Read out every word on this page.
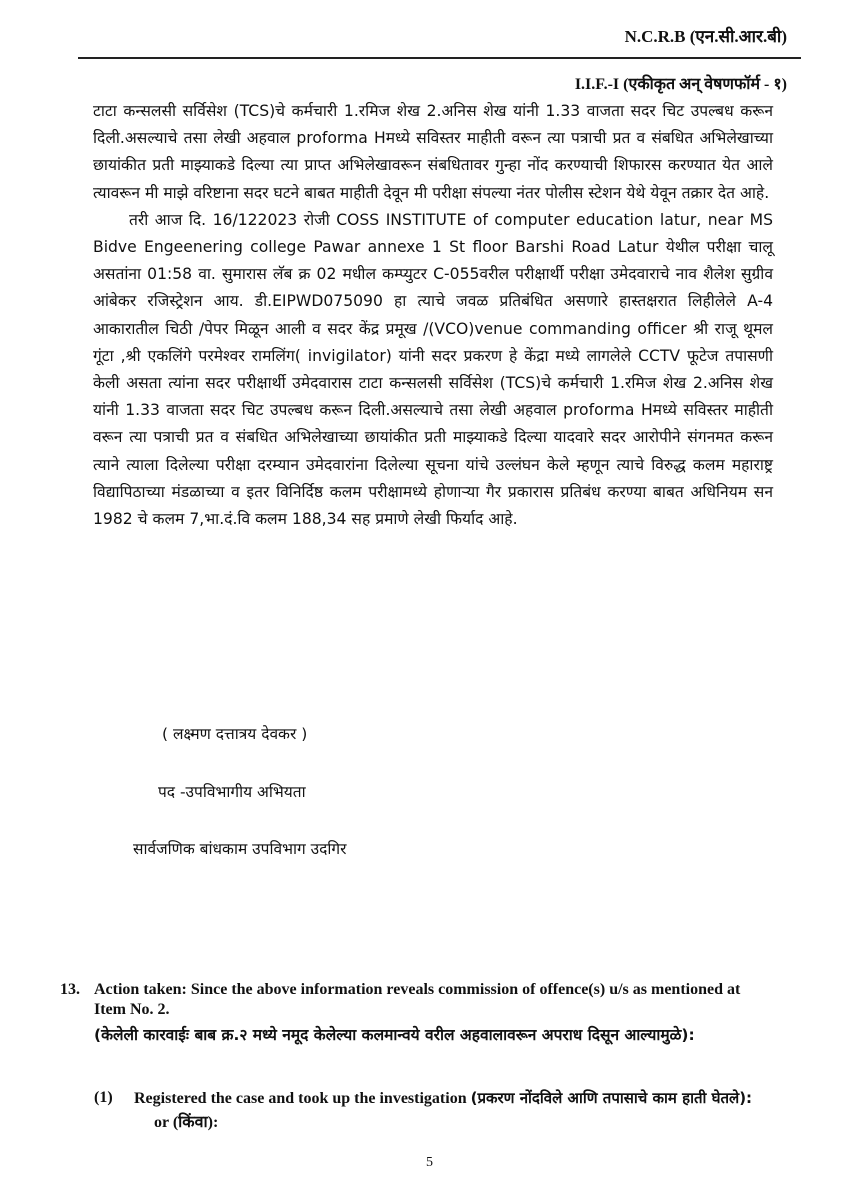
N.C.R.B (एन.सी.आर.बी)
I.I.F.-I (एकीकृत अन् वेषणफॉर्म - १)

टाटा कन्सलसी सर्विसेश (TCS)चे कर्मचारी 1.रमिज शेख 2.अनिस शेख यांनी 1.33 वाजता सदर चिट उपल्बध करून दिली.असल्याचे तसा लेखी अहवाल proforma Hमध्ये सविस्तर माहीती वरून त्या पत्राची प्रत व संबधित अभिलेखाच्या छायांकीत प्रती माझ्याकडे दिल्या त्या प्राप्त अभिलेखावरून संबधितावर गुन्हा नोंद करण्याची शिफारस करण्यात येत आले त्यावरून मी माझे वरिष्टाना सदर घटने बाबत माहीती देवून मी परीक्षा संपल्या नंतर पोलीस स्टेशन येथे येवून तक्रार देत आहे.

तरी आज दि. 16/122023 रोजी COSS INSTITUTE of computer education latur, near MS Bidve Engeenering college Pawar annexe 1 St floor Barshi Road Latur येथील परीक्षा चालू असतांना 01:58 वा. सुमारास लॅब क्र 02 मधील कम्प्युटर C-055वरील परीक्षार्थी परीक्षा उमेदवाराचे नाव शैलेश सुग्रीव आंबेकर रजिस्ट्रेशन आय. डी.EIPWD075090 हा त्याचे जवळ प्रतिबंधित असणारे हास्तक्षरात लिहीलेले A-4 आकारातील चिठी /पेपर मिळून आली व सदर केंद्र प्रमूख /(VCO)venue commanding officer श्री राजू थूमल गूंटा ,श्री एकलिंगे परमेश्वर रामलिंग( invigilator) यांनी सदर प्रकरण हे केंद्रा मध्ये लागलेले CCTV फूटेज तपासणी केली असता त्यांना सदर परीक्षार्थी उमेदवारास टाटा कन्सलसी सर्विसेश (TCS)चे कर्मचारी 1.रमिज शेख 2.अनिस शेख यांनी 1.33 वाजता सदर चिट उपल्बध करून दिली.असल्याचे तसा लेखी अहवाल proforma Hमध्ये सविस्तर माहीती वरून त्या पत्राची प्रत व संबधित अभिलेखाच्या छायांकीत प्रती माझ्याकडे दिल्या यादवारे सदर आरोपीने संगनमत करून त्याने त्याला दिलेल्या परीक्षा दरम्यान उमेदवारांना दिलेल्या सूचना यांचे उल्लंघन केले म्हणून त्याचे विरुद्ध कलम महाराष्ट्र विद्यापिठाच्या मंडळाच्या व इतर विनिर्दिष्ठ कलम परीक्षामध्ये होणाऱ्या गैर प्रकारास प्रतिबंध करण्या बाबत अधिनियम सन 1982 चे कलम 7,भा.दं.वि कलम 188,34 सह प्रमाणे लेखी फिर्याद आहे.

( लक्ष्मण दत्तात्रय देवकर )
पद -उपविभागीय अभियता
सार्वजणिक बांधकाम उपविभाग उदगिर
13. Action taken: Since the above information reveals commission of offence(s) u/s as mentioned at Item No. 2.
(केलेली कारवाईः बाब क्र.२ मध्ये नमूद केलेल्या कलमान्वये वरील अहवालावरून अपराध दिसून आल्यामुळे):
(1) Registered the case and took up the investigation (प्रकरण नोंदविले आणि तपासाचे काम हाती घेतले):      or (किंवा):
5
